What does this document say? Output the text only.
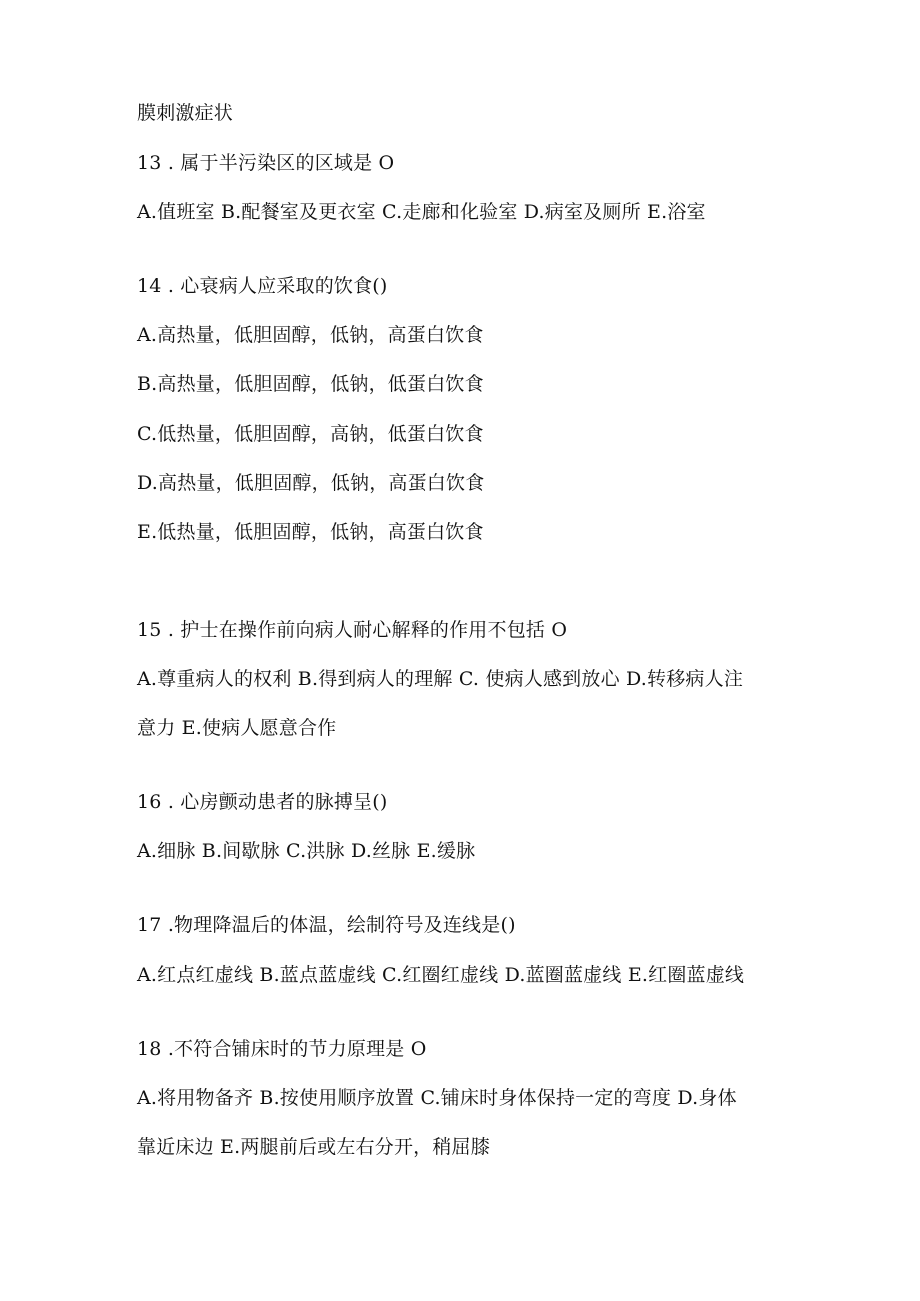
膜刺激症状
13 . 属于半污染区的区域是 O
A.值班室 B.配餐室及更衣室 C.走廊和化验室 D.病室及厕所 E.浴室
14 . 心衰病人应采取的饮食()
A.高热量，低胆固醇，低钠，高蛋白饮食
B.高热量，低胆固醇，低钠，低蛋白饮食
C.低热量，低胆固醇，高钠，低蛋白饮食
D.高热量，低胆固醇，低钠，高蛋白饮食
E.低热量，低胆固醇，低钠，高蛋白饮食
15 . 护士在操作前向病人耐心解释的作用不包括 O
A.尊重病人的权利 B.得到病人的理解 C. 使病人感到放心 D.转移病人注
意力 E.使病人愿意合作
16 . 心房颤动患者的脉搏呈()
A.细脉 B.间歇脉 C.洪脉 D.丝脉 E.缓脉
17 .物理降温后的体温，绘制符号及连线是()
A.红点红虚线 B.蓝点蓝虚线 C.红圈红虚线 D.蓝圈蓝虚线 E.红圈蓝虚线
18 .不符合铺床时的节力原理是 O
A.将用物备齐 B.按使用顺序放置 C.铺床时身体保持一定的弯度 D.身体
靠近床边 E.两腿前后或左右分开，稍屈膝
